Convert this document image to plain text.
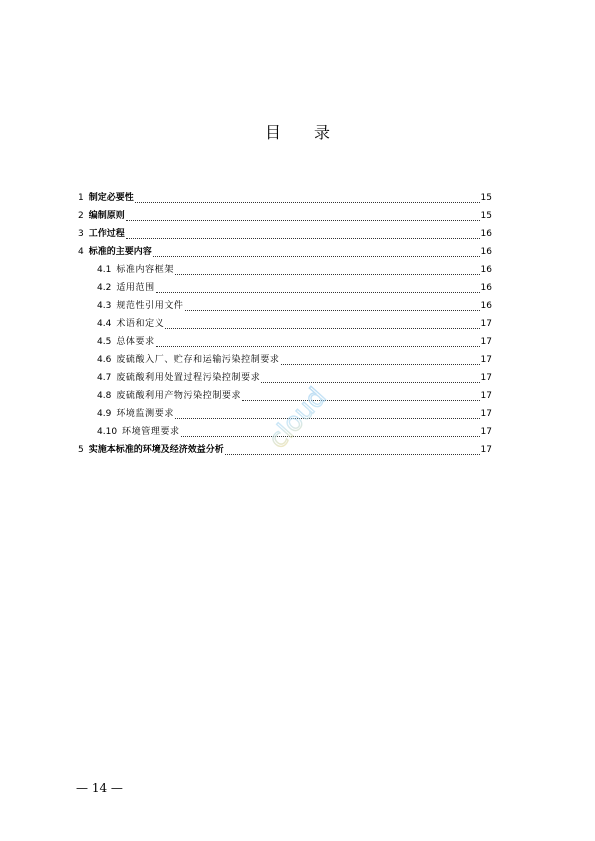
目 录
1 制定必要性	15
2 编制原则	15
3 工作过程	16
4 标准的主要内容	16
4.1 标准内容框架	16
4.2 适用范围	16
4.3 规范性引用文件	16
4.4 术语和定义	17
4.5 总体要求	17
4.6 废硫酸入厂、贮存和运输污染控制要求	17
4.7 废硫酸利用处置过程污染控制要求	17
4.8 废硫酸利用产物污染控制要求	17
4.9 环境监测要求	17
4.10 环境管理要求	17
5 实施本标准的环境及经济效益分析	17
cloud
— 14 —
